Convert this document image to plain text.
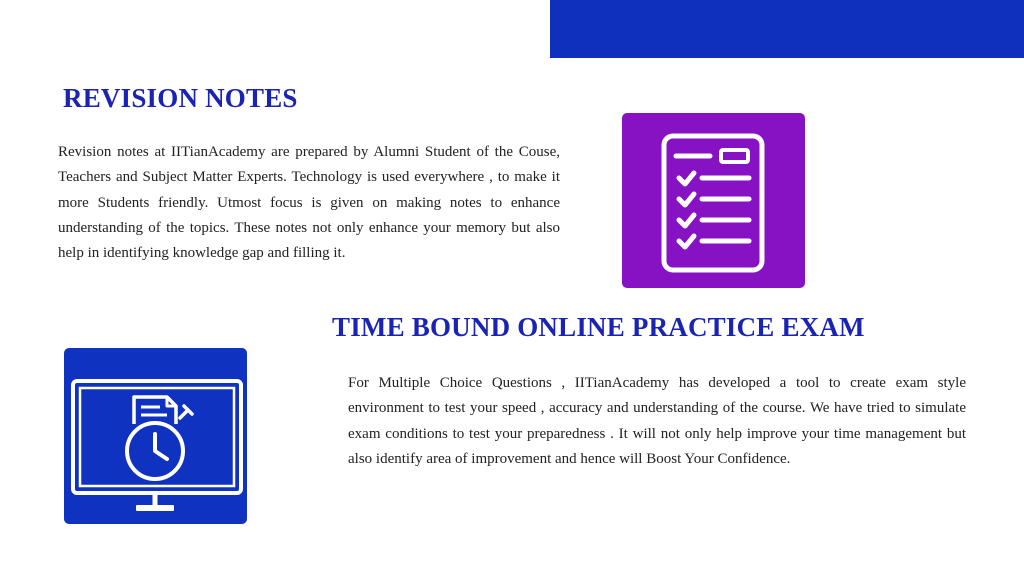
REVISION NOTES

Revision notes at IITianAcademy are prepared by Alumni Student of the Couse, Teachers and Subject Matter Experts. Technology is used everywhere , to make it more Students friendly. Utmost focus is given on making notes to enhance understanding of the topics. These notes not only enhance your memory but also help in identifying knowledge gap and filling it.

TIME BOUND ONLINE PRACTICE EXAM

For Multiple Choice Questions , IITianAcademy has developed a tool to create exam style environment to test your speed , accuracy and understanding of the course. We have tried to simulate exam conditions to test your preparedness . It will not only help improve your time management but also identify area of improvement and hence will Boost Your Confidence.
